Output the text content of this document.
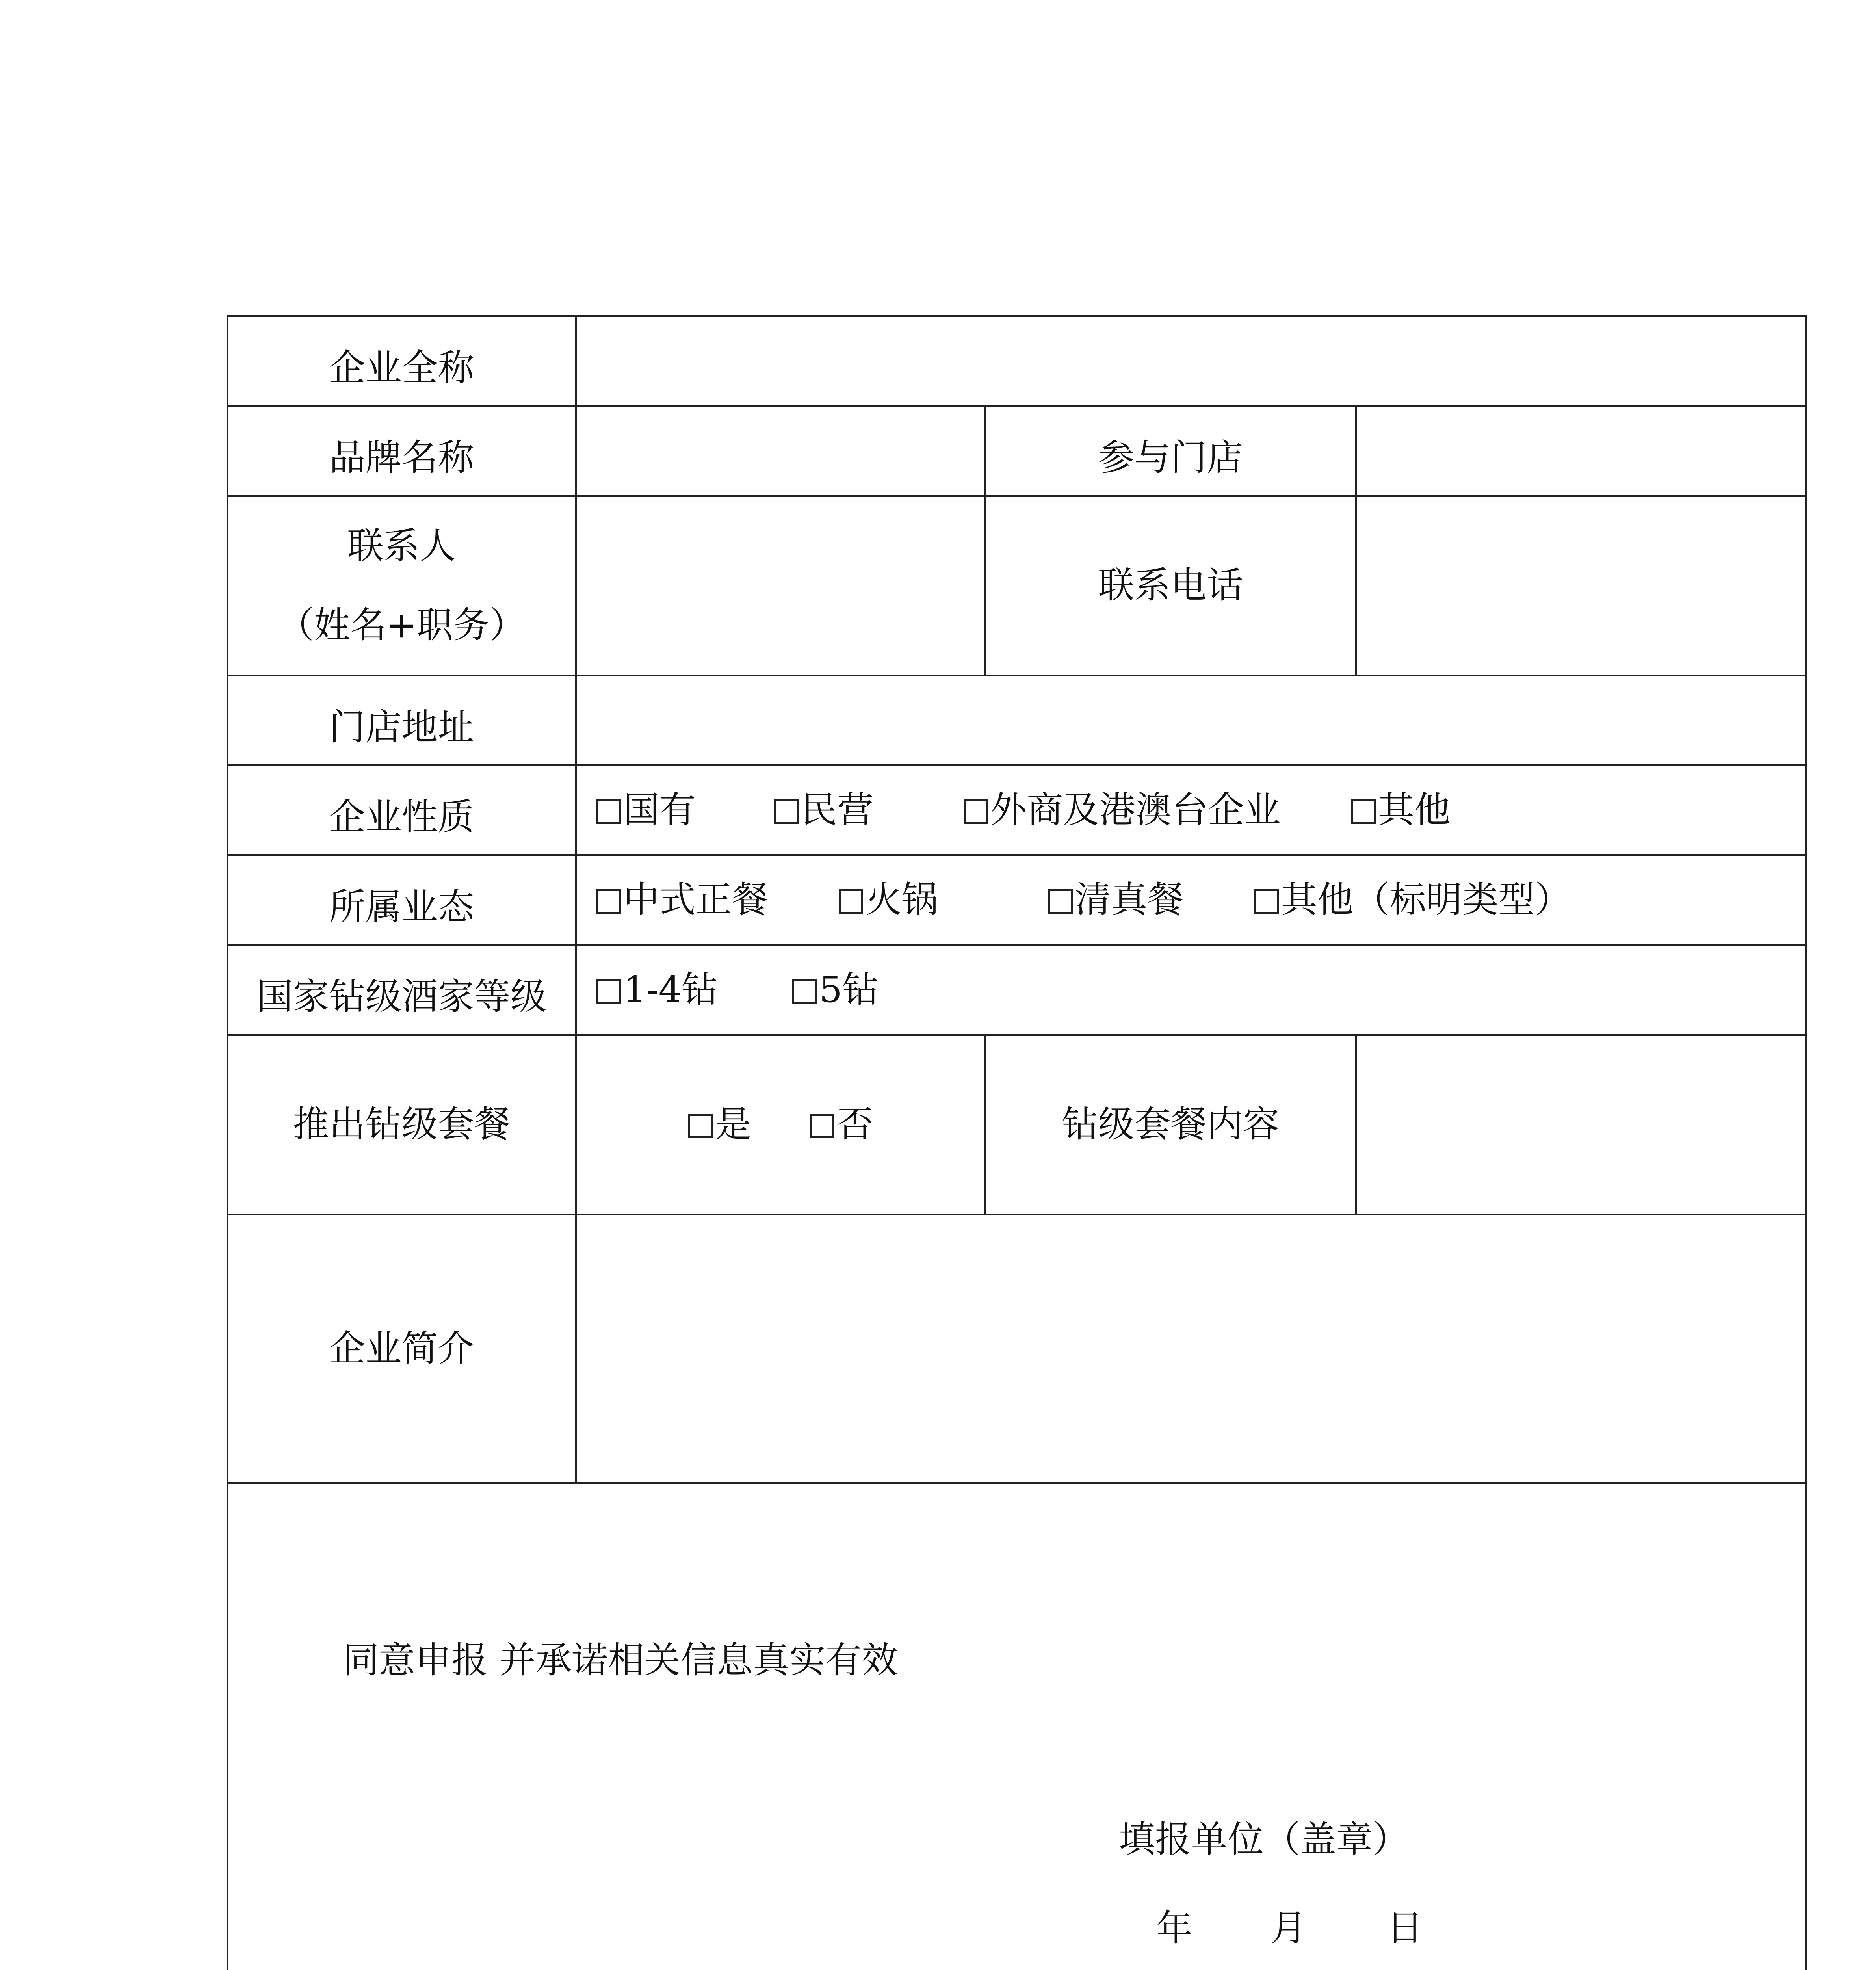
企业全称			
品牌名称		参与门店	

联系人
（姓名+职务）		联系电话	
门店地址			
企业性质	国有 民营 外商及港澳台企业 其他		
所属业态	中式正餐 火锅 清真餐 其他（标明类型）		
国家钻级酒家等级	1-4钻 5钻		
推出钻级套餐	是 否	钻级套餐内容	
企业简介			

同意申报 并承诺相关信息真实有效
填报单位（盖章）
年 月 日
